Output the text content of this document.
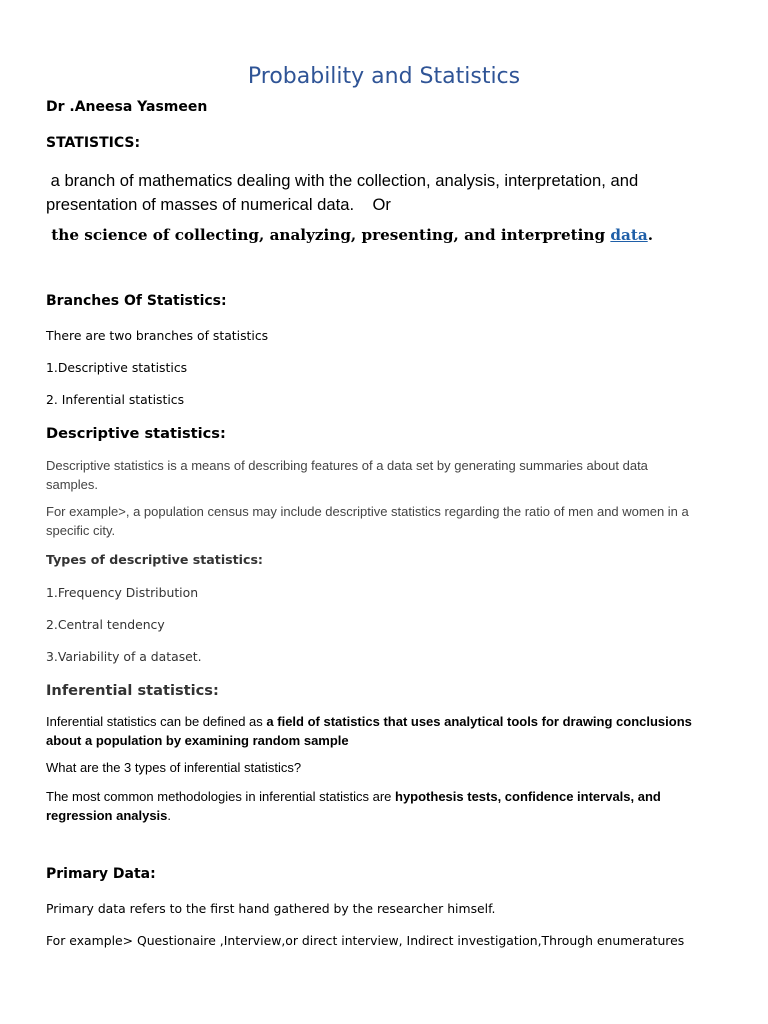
Probability and Statistics

Dr .Aneesa Yasmeen

STATISTICS:

a branch of mathematics dealing with the collection, analysis, interpretation, and
presentation of masses of numerical data.    Or

the science of collecting, analyzing, presenting, and interpreting data.

Branches Of Statistics:

There are two branches of statistics

1.Descriptive statistics

2. Inferential statistics

Descriptive statistics:

Descriptive statistics is a means of describing features of a data set by generating summaries about data
samples.
For example>, a population census may include descriptive statistics regarding the ratio of men and women in a
specific city.

Types of descriptive statistics:

1.Frequency Distribution

2.Central tendency

3.Variability of a dataset.

Inferential statistics:

Inferential statistics can be defined as a field of statistics that uses analytical tools for drawing conclusions
about a population by examining random sample

What are the 3 types of inferential statistics?

The most common methodologies in inferential statistics are hypothesis tests, confidence intervals, and
regression analysis.

Primary Data:

Primary data refers to the first hand gathered by the researcher himself.

For example> Questionaire ,Interview,or direct interview, Indirect investigation,Through enumeratures
